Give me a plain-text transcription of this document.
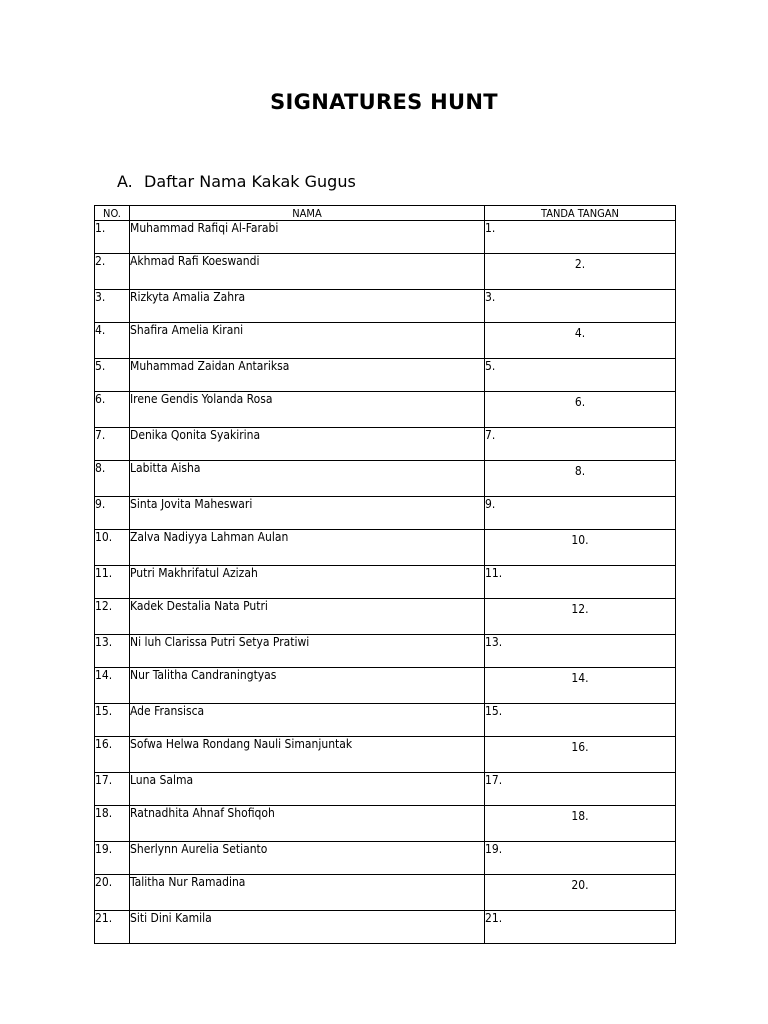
SIGNATURES HUNT
A. Daftar Nama Kakak Gugus
NO.	NAMA	TANDA TANGAN
1.	Muhammad Rafiqi Al-Farabi	1.
2.	Akhmad Rafi Koeswandi	2.
3.	Rizkyta Amalia Zahra	3.
4.	Shafira Amelia Kirani	4.
5.	Muhammad Zaidan Antariksa	5.
6.	Irene Gendis Yolanda Rosa	6.
7.	Denika Qonita Syakirina	7.
8.	Labitta Aisha	8.
9.	Sinta Jovita Maheswari	9.
10.	Zalva Nadiyya Lahman Aulan	10.
11.	Putri Makhrifatul Azizah	11.
12.	Kadek Destalia Nata Putri	12.
13.	Ni luh Clarissa Putri Setya Pratiwi	13.
14.	Nur Talitha Candraningtyas	14.
15.	Ade Fransisca	15.
16.	Sofwa Helwa Rondang Nauli Simanjuntak	16.
17.	Luna Salma	17.
18.	Ratnadhita Ahnaf Shofiqoh	18.
19.	Sherlynn Aurelia Setianto	19.
20.	Talitha Nur Ramadina	20.
21.	Siti Dini Kamila	21.
